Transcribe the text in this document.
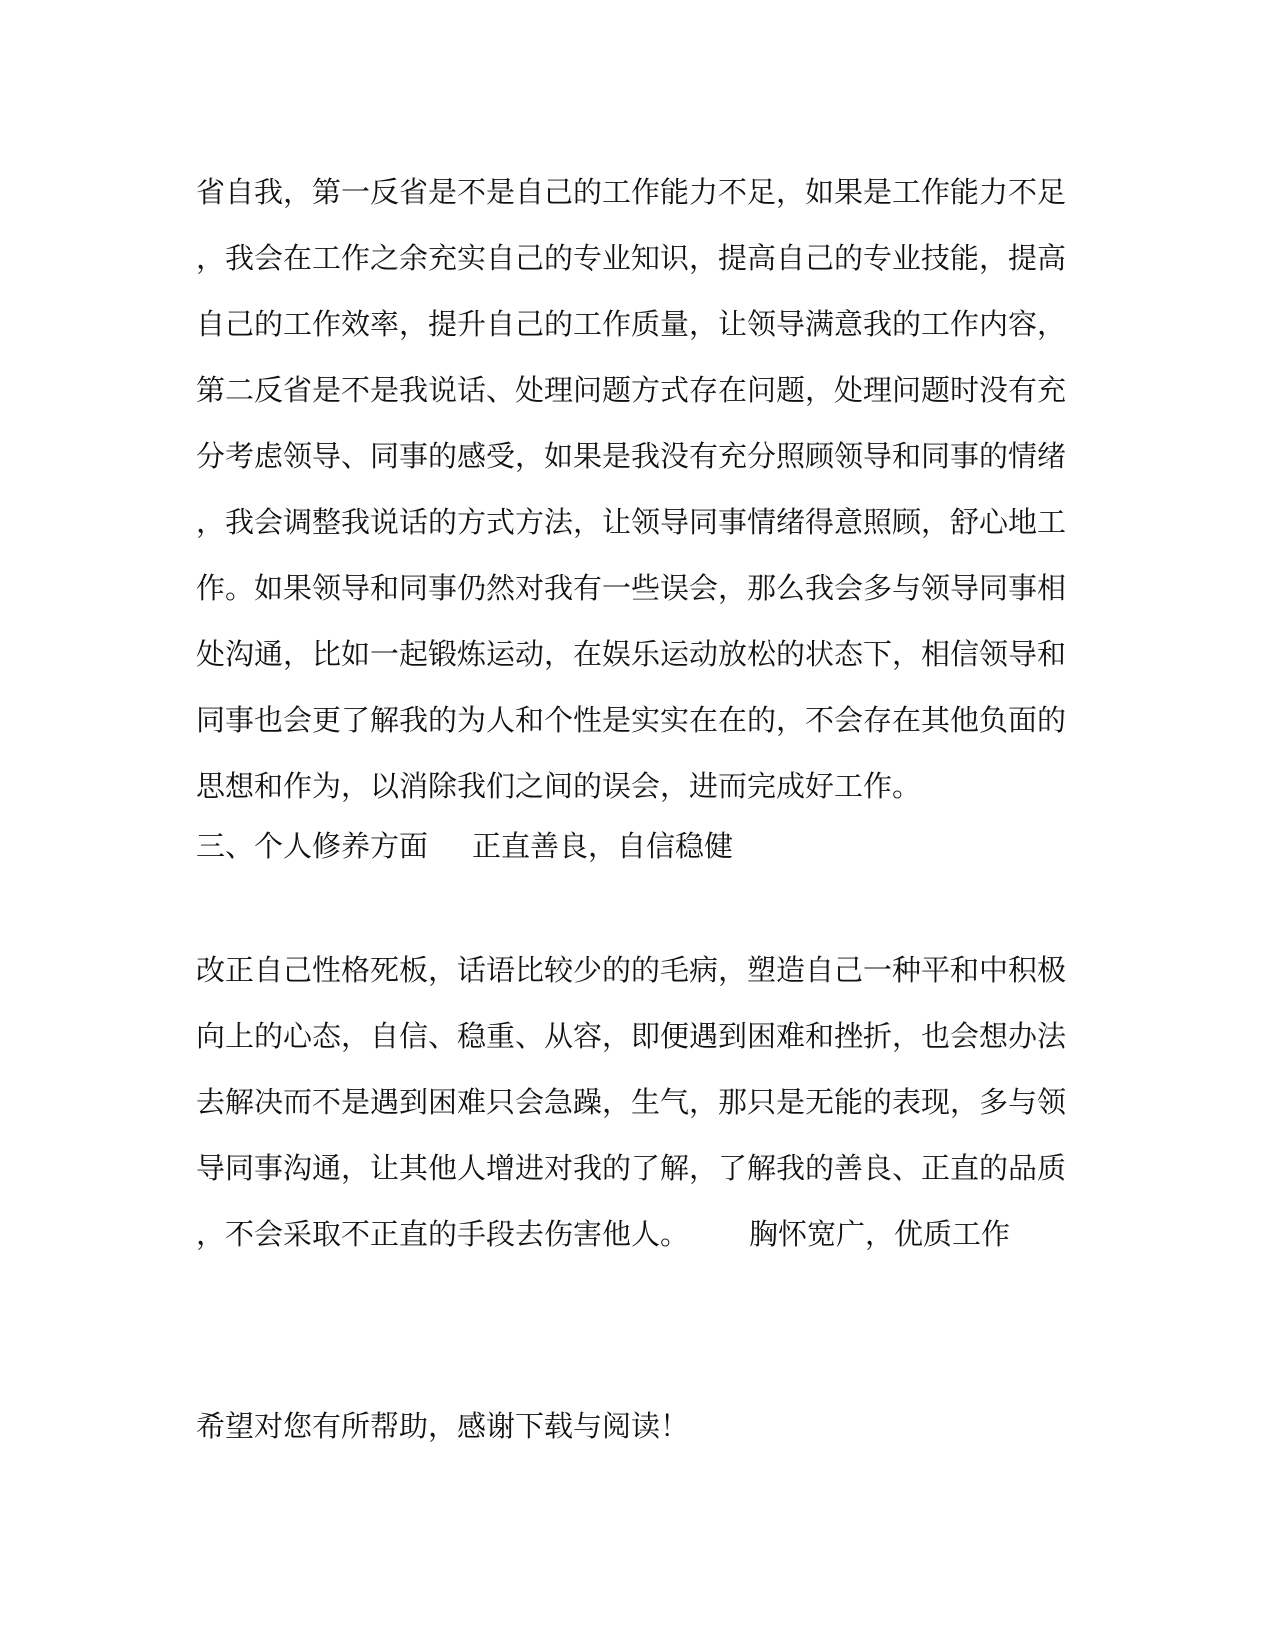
省自我，第一反省是不是自己的工作能力不足，如果是工作能力不足
，我会在工作之余充实自己的专业知识，提高自己的专业技能，提高
自己的工作效率，提升自己的工作质量，让领导满意我的工作内容，
第二反省是不是我说话、处理问题方式存在问题，处理问题时没有充
分考虑领导、同事的感受，如果是我没有充分照顾领导和同事的情绪
，我会调整我说话的方式方法，让领导同事情绪得意照顾，舒心地工
作。如果领导和同事仍然对我有一些误会，那么我会多与领导同事相
处沟通，比如一起锻炼运动，在娱乐运动放松的状态下，相信领导和
同事也会更了解我的为人和个性是实实在在的，不会存在其他负面的
思想和作为，以消除我们之间的误会，进而完成好工作。
三、个人修养方面 正直善良，自信稳健
改正自己性格死板，话语比较少的的毛病，塑造自己一种平和中积极
向上的心态，自信、稳重、从容，即便遇到困难和挫折，也会想办法
去解决而不是遇到困难只会急躁，生气，那只是无能的表现，多与领
导同事沟通，让其他人增进对我的了解，了解我的善良、正直的品质
，不会采取不正直的手段去伤害他人。 胸怀宽广，优质工作
希望对您有所帮助，感谢下载与阅读！
